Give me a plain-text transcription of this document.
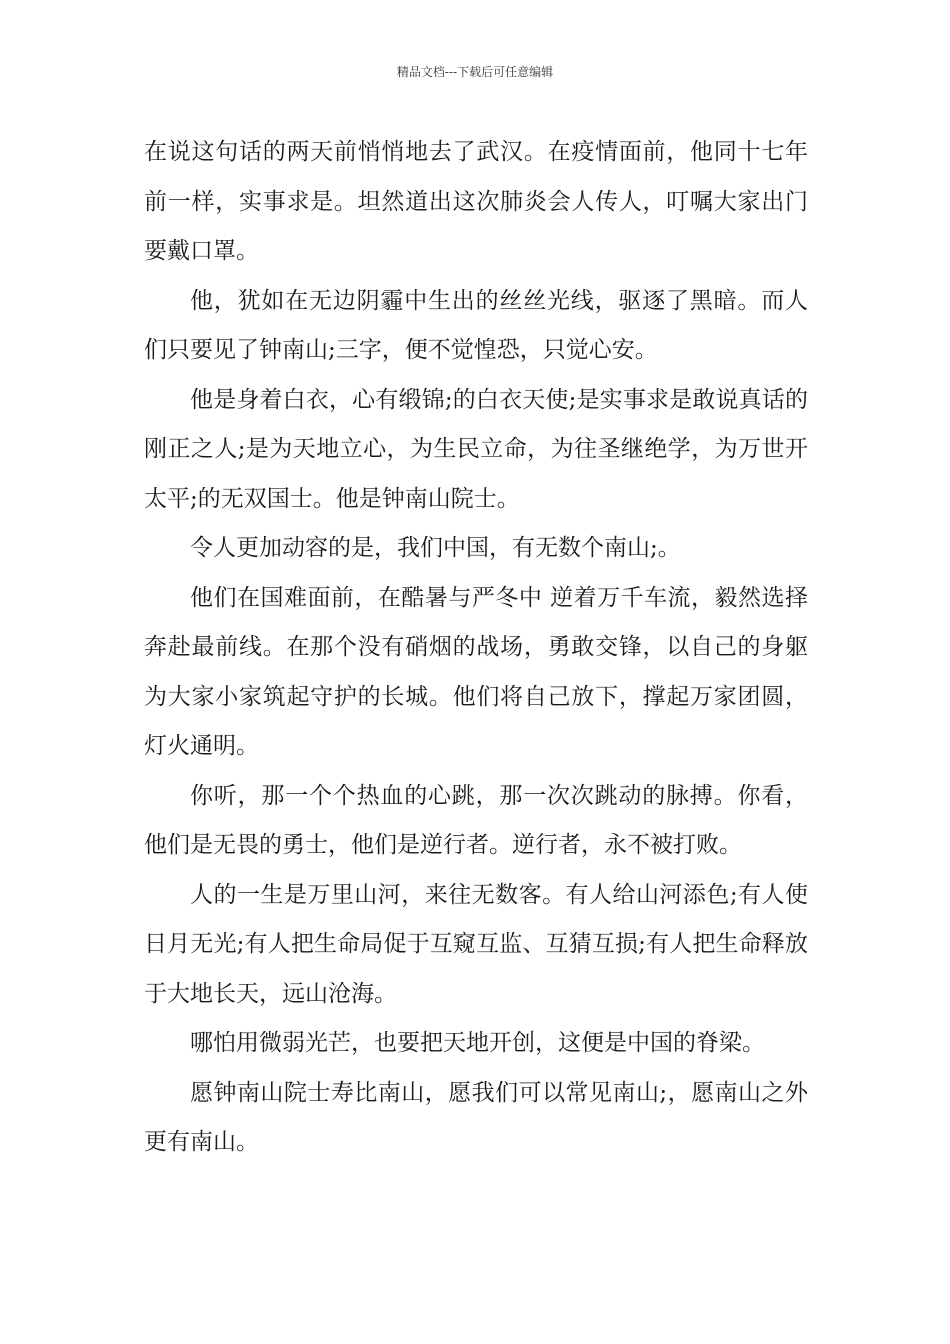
精品文档---下载后可任意编辑

在说这句话的两天前悄悄地去了武汉。在疫情面前，他同十七年前一样，实事求是。坦然道出这次肺炎会人传人，叮嘱大家出门要戴口罩。

他，犹如在无边阴霾中生出的丝丝光线，驱逐了黑暗。而人们只要见了钟南山;三字，便不觉惶恐，只觉心安。

他是身着白衣，心有缎锦;的白衣天使;是实事求是敢说真话的刚正之人;是为天地立心，为生民立命，为往圣继绝学，为万世开太平;的无双国士。他是钟南山院士。

令人更加动容的是，我们中国，有无数个南山;。

他们在国难面前，在酷暑与严冬中 逆着万千车流，毅然选择奔赴最前线。在那个没有硝烟的战场，勇敢交锋，以自己的身躯为大家小家筑起守护的长城。他们将自己放下，撑起万家团圆，灯火通明。

你听，那一个个热血的心跳，那一次次跳动的脉搏。你看，他们是无畏的勇士，他们是逆行者。逆行者，永不被打败。

人的一生是万里山河，来往无数客。有人给山河添色;有人使日月无光;有人把生命局促于互窥互监、互猜互损;有人把生命释放于大地长天，远山沧海。

哪怕用微弱光芒，也要把天地开创，这便是中国的脊梁。

愿钟南山院士寿比南山，愿我们可以常见南山;，愿南山之外更有南山。
